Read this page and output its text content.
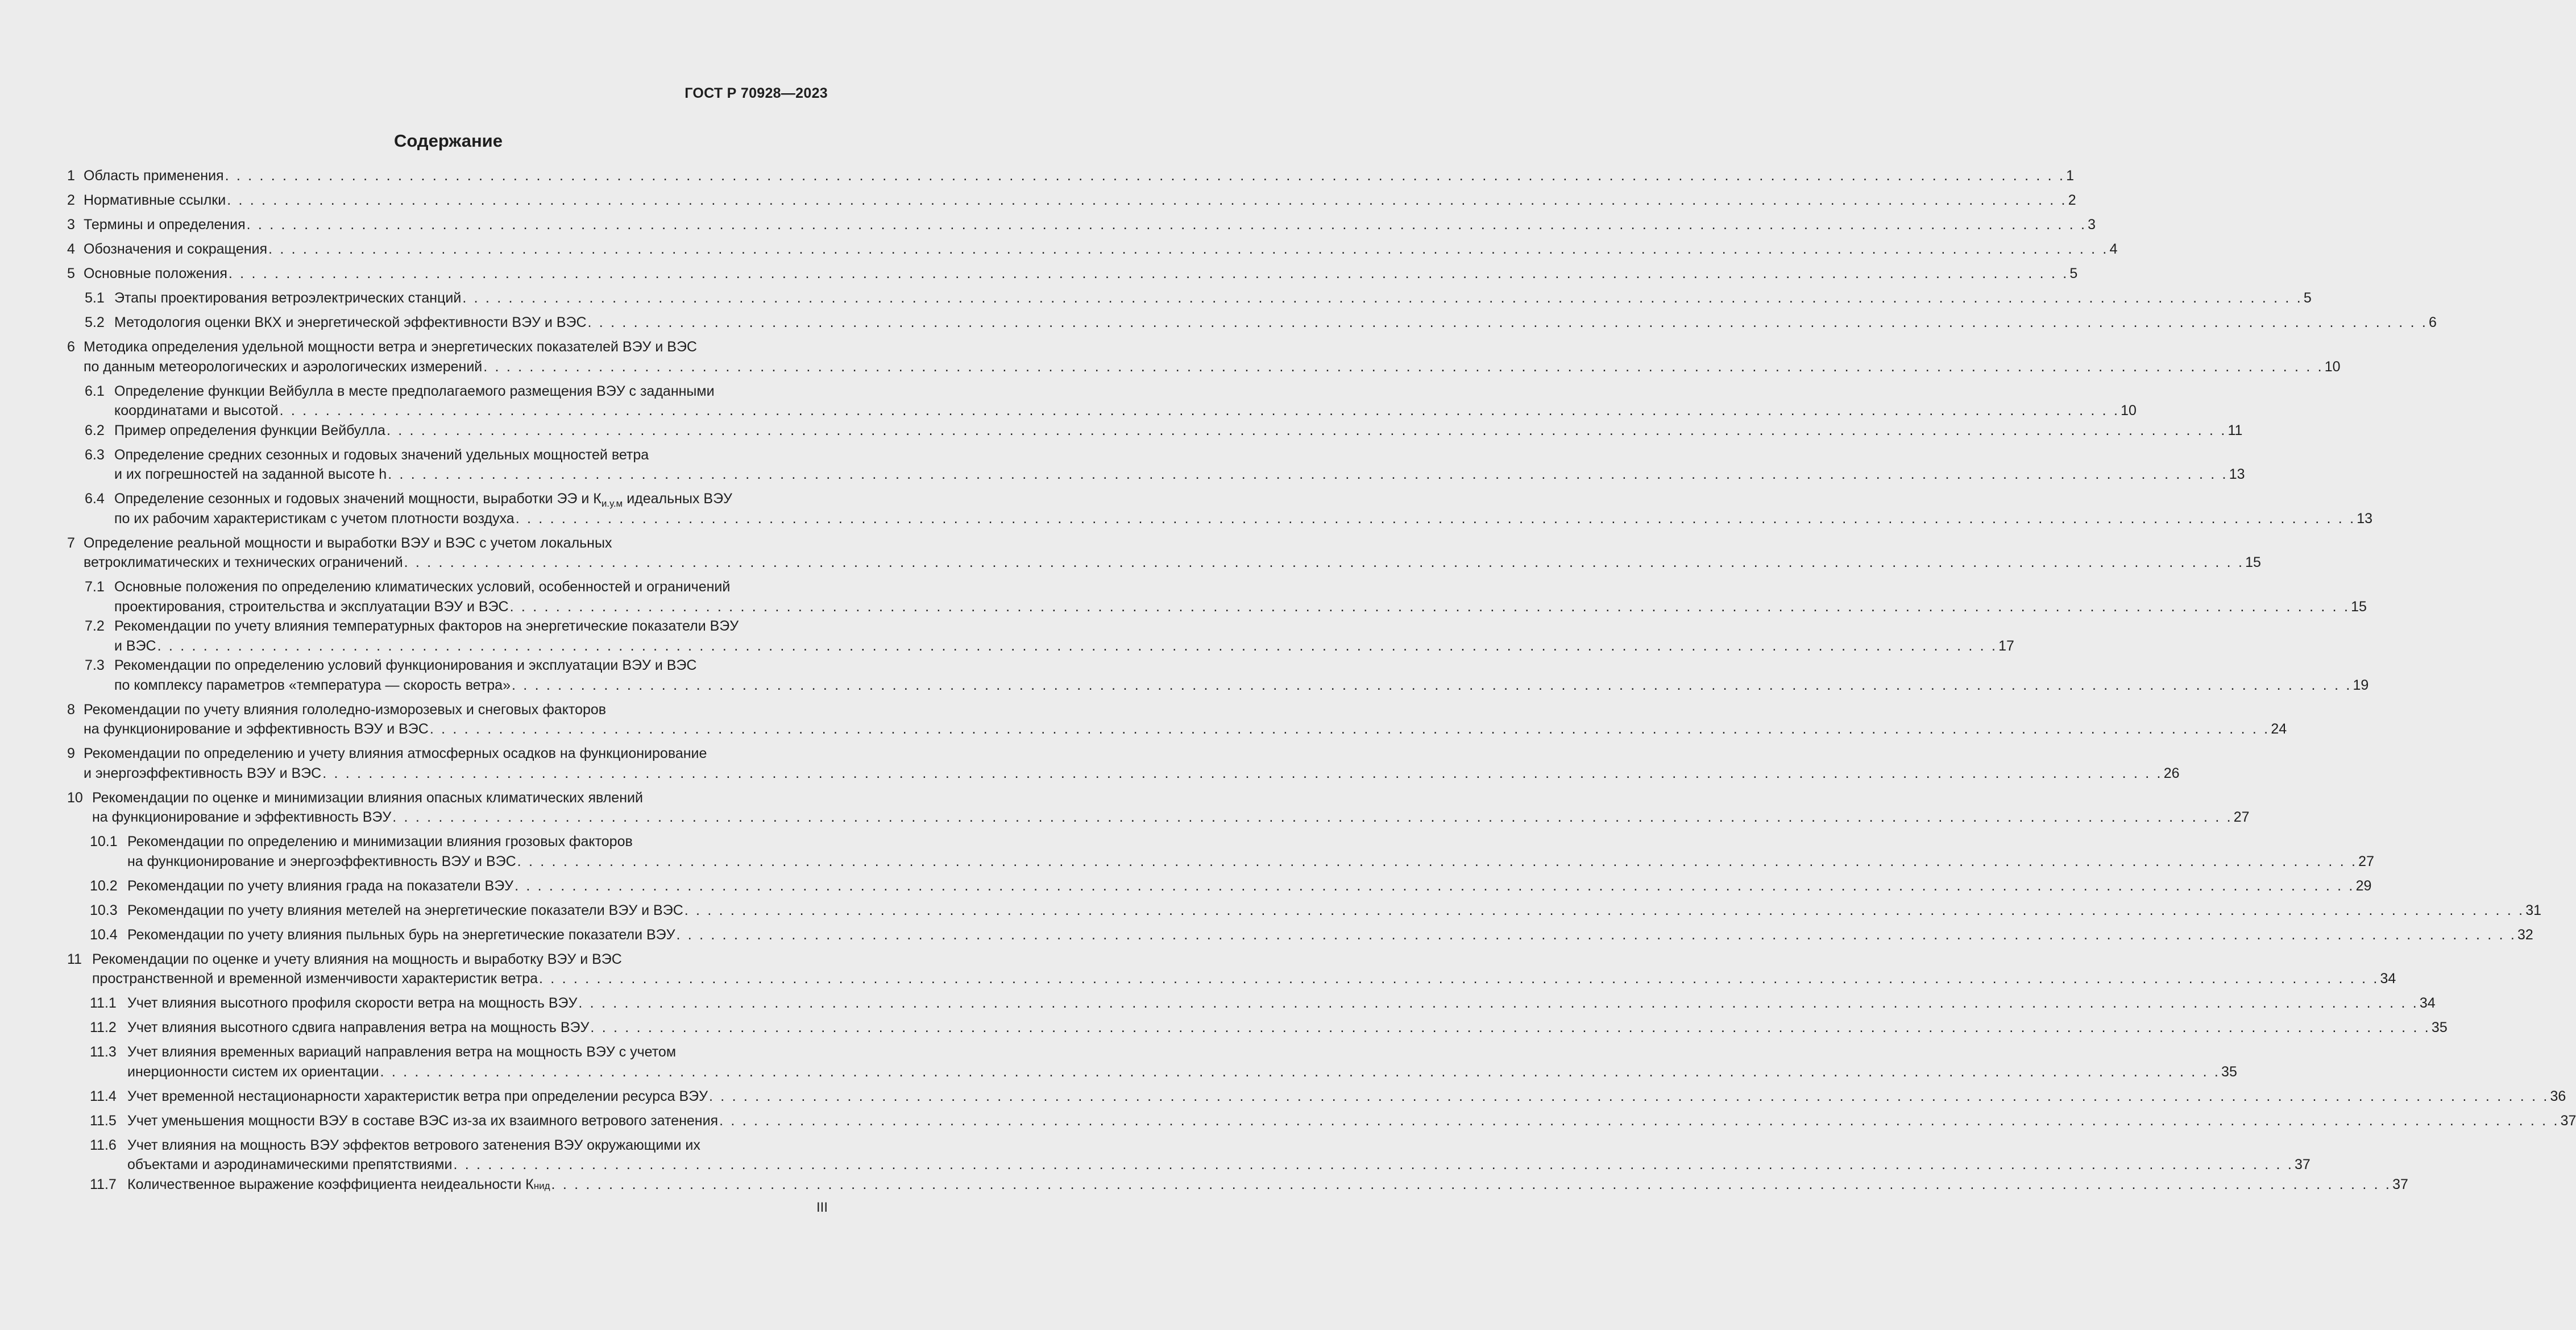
ГОСТ Р 70928—2023
Содержание
1 Область применения . . . . . . . . . . . . . . . . . . . . . . . . . . . . . . . . . . . . . . . . . . . . . . . . . . . . . . . . . . . . . . . . . . . . . . . . . . . . . . . . . . . . . . . . . . . . . . . . . . . . . . . . . . . . . . . . . . . . . . . . . . . . . . . . . . . . . . . . . . . . . . . . . . . . . . . . . . . . . . . . 1
2 Нормативные ссылки . . . . . . . . . . . . . . . . . . . . . . . . . . . . . . . . . . . . . . . . . . . . . . . . . . . . . . . . . . . . . . . . . . . . . . . . . . . . . . . . . . . . . . . . . . . . . . . . . . . . . . . . . . . . . . . . . . . . . . . . . . . . . . . . . . . . . . . . . . . . . . . . . . . . . . . . . . . . . . . . 2
3 Термины и определения . . . . . . . . . . . . . . . . . . . . . . . . . . . . . . . . . . . . . . . . . . . . . . . . . . . . . . . . . . . . . . . . . . . . . . . . . . . . . . . . . . . . . . . . . . . . . . . . . . . . . . . . . . . . . . . . . . . . . . . . . . . . . . . . . . . . . . . . . . . . . . . . . . . . . . . . . . . . . . . . 3
4 Обозначения и сокращения . . . . . . . . . . . . . . . . . . . . . . . . . . . . . . . . . . . . . . . . . . . . . . . . . . . . . . . . . . . . . . . . . . . . . . . . . . . . . . . . . . . . . . . . . . . . . . . . . . . . . . . . . . . . . . . . . . . . . . . . . . . . . . . . . . . . . . . . . . . . . . . . . . . . . . . . . . . . . . . . 4
5 Основные положения . . . . . . . . . . . . . . . . . . . . . . . . . . . . . . . . . . . . . . . . . . . . . . . . . . . . . . . . . . . . . . . . . . . . . . . . . . . . . . . . . . . . . . . . . . . . . . . . . . . . . . . . . . . . . . . . . . . . . . . . . . . . . . . . . . . . . . . . . . . . . . . . . . . . . . . . . . . . . . . . 5
5.1 Этапы проектирования ветроэлектрических станций . . . . . . . . . . . . . . . . . . . . . . . . . . . . . . . . . . . . . . . . . . . . . . . . . . . . . . . . . . . . . . . . . . . . . . . . . . . . . . . . . . . . . . . . . . . . . . . . . . . . . . . . . . . . . . . . . . . . . . . . . . . . . . . . . . . . . . . . . . . . . . . . . . . . . . . . . . . . . . . . 5
5.2 Методология оценки ВКХ и энергетической эффективности ВЭУ и ВЭС . . . . . . . . . . . . . . . . . . . . . . . . . . . . . . . . . . . . . . . . . . . . . . . . . . . . . . . . . . . . . . . . . . . . . . . . . . . . . . . . . . . . . . . . . . . . . . . . . . . . . . . . . . . . . . . . . . . . . . . . . . . . . . . . . . . . . . . . . . . . . . . . . . . . . . . . . . . . . . . . 6
6 Методика определения удельной мощности ветра и энергетических показателей ВЭУ и ВЭС
по данным метеорологических и аэрологических измерений . . . . . . . . . . . . . . . . . . . . . . . . . . . . . . . . . . . . . . . . . . . . . . . . . . . . . . . . . . . . . . . . . . . . . . . . . . . . . . . . . . . . . . . . . . . . . . . . . . . . . . . . . . . . . . . . . . . . . . . . . . . . . . . . . . . . . . . . . . . . . . . . . . . . . . . . . . . . . . . . 10
6.1 Определение функции Вейбулла в месте предполагаемого размещения ВЭУ с заданными
координатами и высотой . . . . . . . . . . . . . . . . . . . . . . . . . . . . . . . . . . . . . . . . . . . . . . . . . . . . . . . . . . . . . . . . . . . . . . . . . . . . . . . . . . . . . . . . . . . . . . . . . . . . . . . . . . . . . . . . . . . . . . . . . . . . . . . . . . . . . . . . . . . . . . . . . . . . . . . . . . . . . . . . 10
6.2 Пример определения функции Вейбулла . . . . . . . . . . . . . . . . . . . . . . . . . . . . . . . . . . . . . . . . . . . . . . . . . . . . . . . . . . . . . . . . . . . . . . . . . . . . . . . . . . . . . . . . . . . . . . . . . . . . . . . . . . . . . . . . . . . . . . . . . . . . . . . . . . . . . . . . . . . . . . . . . . . . . . . . . . . . . . . . 11
6.3 Определение средних сезонных и годовых значений удельных мощностей ветра
и их погрешностей на заданной высоте h . . . . . . . . . . . . . . . . . . . . . . . . . . . . . . . . . . . . . . . . . . . . . . . . . . . . . . . . . . . . . . . . . . . . . . . . . . . . . . . . . . . . . . . . . . . . . . . . . . . . . . . . . . . . . . . . . . . . . . . . . . . . . . . . . . . . . . . . . . . . . . . . . . . . . . . . . . . . . . . . 13
6.4 Определение сезонных и годовых значений мощности, выработки ЭЭ и $К_{и.у.м}$ идеальных ВЭУ
по их рабочим характеристикам с учетом плотности воздуха . . . . . . . . . . . . . . . . . . . . . . . . . . . . . . . . . . . . . . . . . . . . . . . . . . . . . . . . . . . . . . . . . . . . . . . . . . . . . . . . . . . . . . . . . . . . . . . . . . . . . . . . . . . . . . . . . . . . . . . . . . . . . . . . . . . . . . . . . . . . . . . . . . . . . . . . . . . . . . . . 13
7 Определение реальной мощности и выработки ВЭУ и ВЭС с учетом локальных
ветроклиматических и технических ограничений . . . . . . . . . . . . . . . . . . . . . . . . . . . . . . . . . . . . . . . . . . . . . . . . . . . . . . . . . . . . . . . . . . . . . . . . . . . . . . . . . . . . . . . . . . . . . . . . . . . . . . . . . . . . . . . . . . . . . . . . . . . . . . . . . . . . . . . . . . . . . . . . . . . . . . . . . . . . . . . . 15
7.1 Основные положения по определению климатических условий, особенностей и ограничений
проектирования, строительства и эксплуатации ВЭУ и ВЭС . . . . . . . . . . . . . . . . . . . . . . . . . . . . . . . . . . . . . . . . . . . . . . . . . . . . . . . . . . . . . . . . . . . . . . . . . . . . . . . . . . . . . . . . . . . . . . . . . . . . . . . . . . . . . . . . . . . . . . . . . . . . . . . . . . . . . . . . . . . . . . . . . . . . . . . . . . . . . . . . 15
7.2 Рекомендации по учету влияния температурных факторов на энергетические показатели ВЭУ
и ВЭС . . . . . . . . . . . . . . . . . . . . . . . . . . . . . . . . . . . . . . . . . . . . . . . . . . . . . . . . . . . . . . . . . . . . . . . . . . . . . . . . . . . . . . . . . . . . . . . . . . . . . . . . . . . . . . . . . . . . . . . . . . . . . . . . . . . . . . . . . . . . . . . . . . . . . . . . . . . . . . . . 17
7.3 Рекомендации по определению условий функционирования и эксплуатации ВЭУ и ВЭС
по комплексу параметров «температура — скорость ветра» . . . . . . . . . . . . . . . . . . . . . . . . . . . . . . . . . . . . . . . . . . . . . . . . . . . . . . . . . . . . . . . . . . . . . . . . . . . . . . . . . . . . . . . . . . . . . . . . . . . . . . . . . . . . . . . . . . . . . . . . . . . . . . . . . . . . . . . . . . . . . . . . . . . . . . . . . . . . . . . . 19
8 Рекомендации по учету влияния гололедно-изморозевых и снеговых факторов
на функционирование и эффективность ВЭУ и ВЭС . . . . . . . . . . . . . . . . . . . . . . . . . . . . . . . . . . . . . . . . . . . . . . . . . . . . . . . . . . . . . . . . . . . . . . . . . . . . . . . . . . . . . . . . . . . . . . . . . . . . . . . . . . . . . . . . . . . . . . . . . . . . . . . . . . . . . . . . . . . . . . . . . . . . . . . . . . . . . . . . 24
9 Рекомендации по определению и учету влияния атмосферных осадков на функционирование
и энергоэффективность ВЭУ и ВЭС . . . . . . . . . . . . . . . . . . . . . . . . . . . . . . . . . . . . . . . . . . . . . . . . . . . . . . . . . . . . . . . . . . . . . . . . . . . . . . . . . . . . . . . . . . . . . . . . . . . . . . . . . . . . . . . . . . . . . . . . . . . . . . . . . . . . . . . . . . . . . . . . . . . . . . . . . . . . . . . . 26
10 Рекомендации по оценке и минимизации влияния опасных климатических явлений
на функционирование и эффективность ВЭУ . . . . . . . . . . . . . . . . . . . . . . . . . . . . . . . . . . . . . . . . . . . . . . . . . . . . . . . . . . . . . . . . . . . . . . . . . . . . . . . . . . . . . . . . . . . . . . . . . . . . . . . . . . . . . . . . . . . . . . . . . . . . . . . . . . . . . . . . . . . . . . . . . . . . . . . . . . . . . . . . 27
10.1 Рекомендации по определению и минимизации влияния грозовых факторов
на функционирование и энергоэффективность ВЭУ и ВЭС . . . . . . . . . . . . . . . . . . . . . . . . . . . . . . . . . . . . . . . . . . . . . . . . . . . . . . . . . . . . . . . . . . . . . . . . . . . . . . . . . . . . . . . . . . . . . . . . . . . . . . . . . . . . . . . . . . . . . . . . . . . . . . . . . . . . . . . . . . . . . . . . . . . . . . . . . . . . . . . . 27
10.2 Рекомендации по учету влияния града на показатели ВЭУ . . . . . . . . . . . . . . . . . . . . . . . . . . . . . . . . . . . . . . . . . . . . . . . . . . . . . . . . . . . . . . . . . . . . . . . . . . . . . . . . . . . . . . . . . . . . . . . . . . . . . . . . . . . . . . . . . . . . . . . . . . . . . . . . . . . . . . . . . . . . . . . . . . . . . . . . . . . . . . . . 29
10.3 Рекомендации по учету влияния метелей на энергетические показатели ВЭУ и ВЭС . . . . . . . . . . . . . . . . . . . . . . . . . . . . . . . . . . . . . . . . . . . . . . . . . . . . . . . . . . . . . . . . . . . . . . . . . . . . . . . . . . . . . . . . . . . . . . . . . . . . . . . . . . . . . . . . . . . . . . . . . . . . . . . . . . . . . . . . . . . . . . . . . . . . . . . . . . . . . . . . 31
10.4 Рекомендации по учету влияния пыльных бурь на энергетические показатели ВЭУ . . . . . . . . . . . . . . . . . . . . . . . . . . . . . . . . . . . . . . . . . . . . . . . . . . . . . . . . . . . . . . . . . . . . . . . . . . . . . . . . . . . . . . . . . . . . . . . . . . . . . . . . . . . . . . . . . . . . . . . . . . . . . . . . . . . . . . . . . . . . . . . . . . . . . . . . . . . . . . . . 32
11 Рекомендации по оценке и учету влияния на мощность и выработку ВЭУ и ВЭС
пространственной и временной изменчивости характеристик ветра . . . . . . . . . . . . . . . . . . . . . . . . . . . . . . . . . . . . . . . . . . . . . . . . . . . . . . . . . . . . . . . . . . . . . . . . . . . . . . . . . . . . . . . . . . . . . . . . . . . . . . . . . . . . . . . . . . . . . . . . . . . . . . . . . . . . . . . . . . . . . . . . . . . . . . . . . . . . . . . . 34
11.1 Учет влияния высотного профиля скорости ветра на мощность ВЭУ . . . . . . . . . . . . . . . . . . . . . . . . . . . . . . . . . . . . . . . . . . . . . . . . . . . . . . . . . . . . . . . . . . . . . . . . . . . . . . . . . . . . . . . . . . . . . . . . . . . . . . . . . . . . . . . . . . . . . . . . . . . . . . . . . . . . . . . . . . . . . . . . . . . . . . . . . . . . . . . . 34
11.2 Учет влияния высотного сдвига направления ветра на мощность ВЭУ . . . . . . . . . . . . . . . . . . . . . . . . . . . . . . . . . . . . . . . . . . . . . . . . . . . . . . . . . . . . . . . . . . . . . . . . . . . . . . . . . . . . . . . . . . . . . . . . . . . . . . . . . . . . . . . . . . . . . . . . . . . . . . . . . . . . . . . . . . . . . . . . . . . . . . . . . . . . . . . . 35
11.3 Учет влияния временных вариаций направления ветра на мощность ВЭУ с учетом
инерционности систем их ориентации . . . . . . . . . . . . . . . . . . . . . . . . . . . . . . . . . . . . . . . . . . . . . . . . . . . . . . . . . . . . . . . . . . . . . . . . . . . . . . . . . . . . . . . . . . . . . . . . . . . . . . . . . . . . . . . . . . . . . . . . . . . . . . . . . . . . . . . . . . . . . . . . . . . . . . . . . . . . . . . . 35
11.4 Учет временной нестационарности характеристик ветра при определении ресурса ВЭУ . . . . . . . . . . . . . . . . . . . . . . . . . . . . . . . . . . . . . . . . . . . . . . . . . . . . . . . . . . . . . . . . . . . . . . . . . . . . . . . . . . . . . . . . . . . . . . . . . . . . . . . . . . . . . . . . . . . . . . . . . . . . . . . . . . . . . . . . . . . . . . . . . . . . . . . . . . . . . . . . 36
11.5 Учет уменьшения мощности ВЭУ в составе ВЭС из-за их взаимного ветрового затенения . . . . . . . . . . . . . . . . . . . . . . . . . . . . . . . . . . . . . . . . . . . . . . . . . . . . . . . . . . . . . . . . . . . . . . . . . . . . . . . . . . . . . . . . . . . . . . . . . . . . . . . . . . . . . . . . . . . . . . . . . . . . . . . . . . . . . . . . . . . . . . . . . . . . . . . . . . . . . . . . 37
11.6 Учет влияния на мощность ВЭУ эффектов ветрового затенения ВЭУ окружающими их
объектами и аэродинамическими препятствиями . . . . . . . . . . . . . . . . . . . . . . . . . . . . . . . . . . . . . . . . . . . . . . . . . . . . . . . . . . . . . . . . . . . . . . . . . . . . . . . . . . . . . . . . . . . . . . . . . . . . . . . . . . . . . . . . . . . . . . . . . . . . . . . . . . . . . . . . . . . . . . . . . . . . . . . . . . . . . . . . 37
11.7 Количественное выражение коэффициента неидеальности К нид . . . . . . . . . . . . . . . . . . . . . . . . . . . . . . . . . . . . . . . . . . . . . . . . . . . . . . . . . . . . . . . . . . . . . . . . . . . . . . . . . . . . . . . . . . . . . . . . . . . . . . . . . . . . . . . . . . . . . . . . . . . . . . . . . . . . . . . . . . . . . . . . . . . . . . . . . . . . . . . . 37
III
